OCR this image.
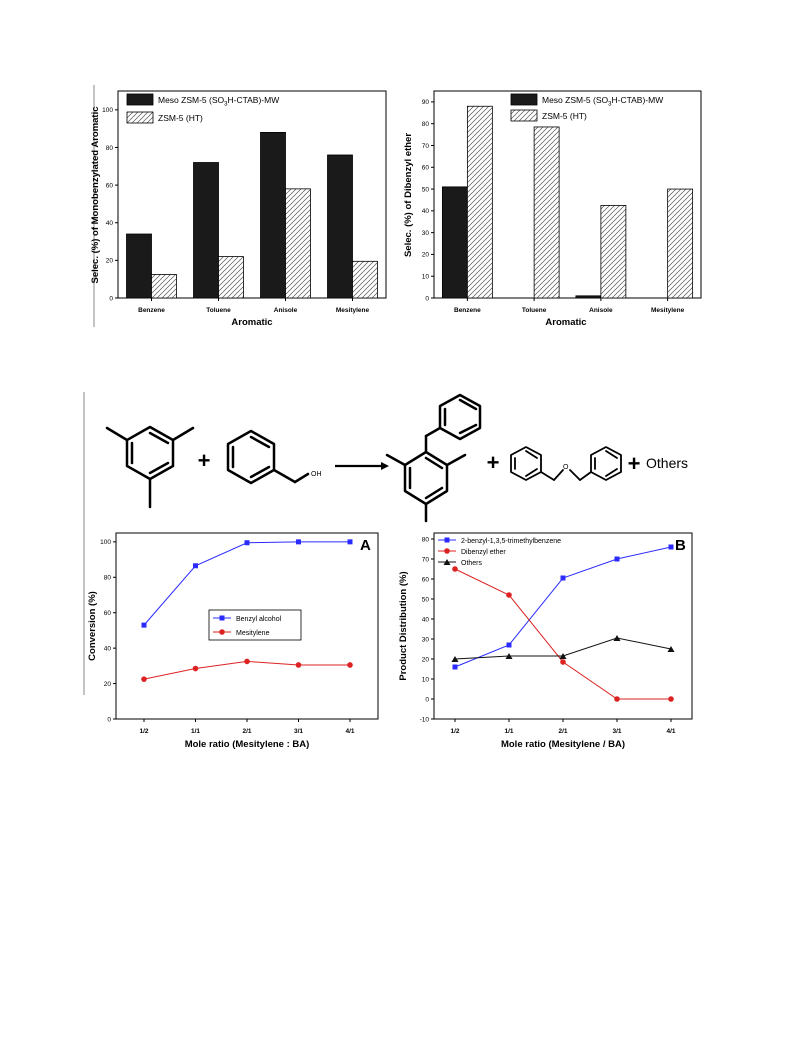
0
20
40
60
80
100
Benzene	Toluene	Anisole	Mesitylene
Aromatic
Selec. (%) of Monobenzylated Aromatic
Meso ZSM-5 $(SO_3H-CTAB)-MW$
ZSM-5 (HT)
0
10
20
30
40
50
60
70
80
90
Benzene	Toluene	Anisole	Mesitylene
Aromatic
Selec. (%) of Dibenzyl ether
Meso ZSM-5 $(SO_3H-CTAB)-MW$
ZSM-5 (HT)
+
OH	+	O	+ Others
0
20
40
60
80
100
1/2	1/1	2/1	3/1	4/1
A
Mole ratio (Mesitylene : BA)
Conversion (%)	Benzyl alcohol
Mesitylene
-10
0
10
20
30
40
50
60
70
80
1/2	1/1	2/1	3/1	4/1
B
Mole ratio (Mesitylene / BA)
Product Distribution (%)
2-benzyl-1,3,5-trimethylbenzene
Dibenzyl ether
Others
